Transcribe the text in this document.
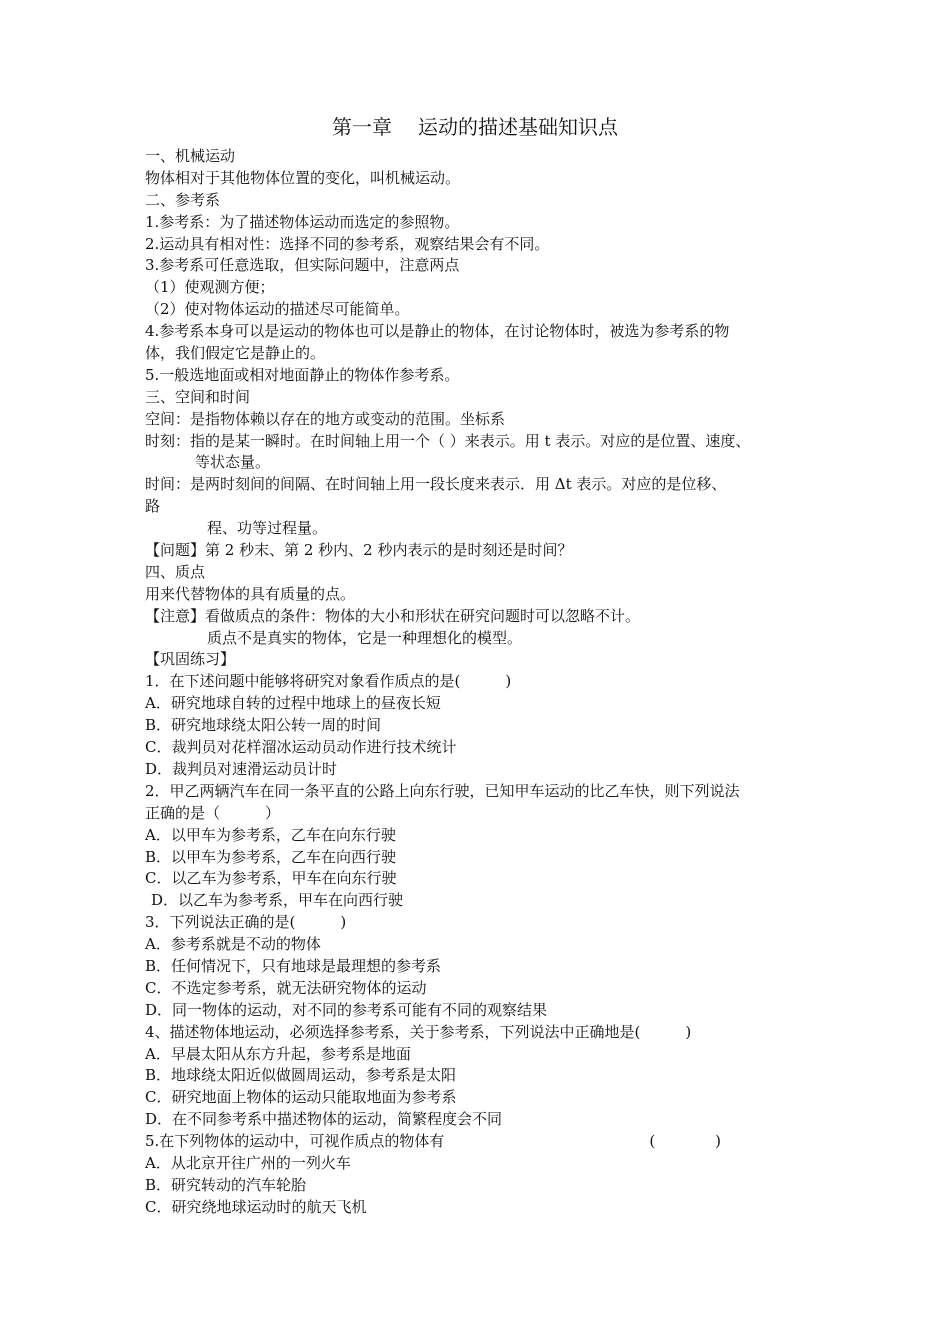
第一章 运动的描述基础知识点
一、机械运动
物体相对于其他物体位置的变化，叫机械运动。
二、参考系
1.参考系：为了描述物体运动而选定的参照物。
2.运动具有相对性：选择不同的参考系，观察结果会有不同。
3.参考系可任意选取，但实际问题中，注意两点
（1）使观测方便；
（2）使对物体运动的描述尽可能简单。
4.参考系本身可以是运动的物体也可以是静止的物体，在讨论物体时，被选为参考系的物
体，我们假定它是静止的。
5.一般选地面或相对地面静止的物体作参考系。
三、空间和时间
空间：是指物体赖以存在的地方或变动的范围。坐标系
时刻：指的是某一瞬时。在时间轴上用一个（ ）来表示。用 t 表示。对应的是位置、速度、
等状态量。
时间：是两时刻间的间隔、在时间轴上用一段长度来表示．用 Δt 表示。对应的是位移、
路
程、功等过程量。
【问题】第 2 秒末、第 2 秒内、2 秒内表示的是时刻还是时间？
四、质点
用来代替物体的具有质量的点。
【注意】看做质点的条件：物体的大小和形状在研究问题时可以忽略不计。
质点不是真实的物体，它是一种理想化的模型。
【巩固练习】
1．在下述问题中能够将研究对象看作质点的是(　　　)
A．研究地球自转的过程中地球上的昼夜长短
B．研究地球绕太阳公转一周的时间
C．裁判员对花样溜冰运动员动作进行技术统计
D．裁判员对速滑运动员计时
2．甲乙两辆汽车在同一条平直的公路上向东行驶，已知甲车运动的比乙车快，则下列说法
正确的是（　　　）
A．以甲车为参考系，乙车在向东行驶
B．以甲车为参考系，乙车在向西行驶
C．以乙车为参考系，甲车在向东行驶
D．以乙车为参考系，甲车在向西行驶
3．下列说法正确的是(　　　)
A．参考系就是不动的物体
B．任何情况下，只有地球是最理想的参考系
C．不选定参考系，就无法研究物体的运动
D．同一物体的运动，对不同的参考系可能有不同的观察结果
4、描述物体地运动，必须选择参考系，关于参考系，下列说法中正确地是(　　　)
A．早晨太阳从东方升起，参考系是地面
B．地球绕太阳近似做圆周运动，参考系是太阳
C．研究地面上物体的运动只能取地面为参考系
D．在不同参考系中描述物体的运动，简繁程度会不同
5.在下列物体的运动中，可视作质点的物体有	(　　　　)
A．从北京开往广州的一列火车
B．研究转动的汽车轮胎
C．研究绕地球运动时的航天飞机
